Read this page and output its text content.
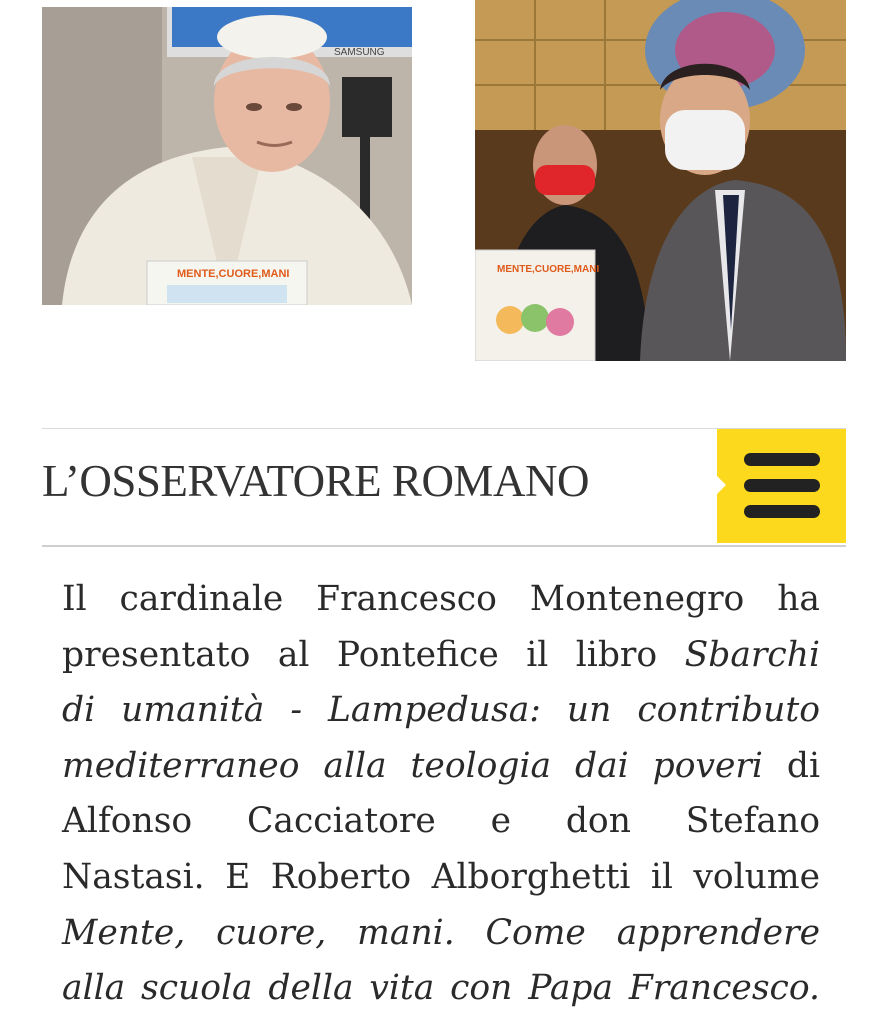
SAMSUNG
MENTE,CUORE,MANI	MENTE,CUORE,MANI
L’OSSERVATORE ROMANO
Il cardinale Francesco Montenegro ha
presentato al Pontefice il libro Sbarchi
di umanità - Lampedusa: un contributo
mediterraneo alla teologia dai poveri di
Alfonso Cacciatore e don Stefano
Nastasi. E Roberto Alborghetti il volume
Mente, cuore, mani. Come apprendere
alla scuola della vita con Papa Francesco.
